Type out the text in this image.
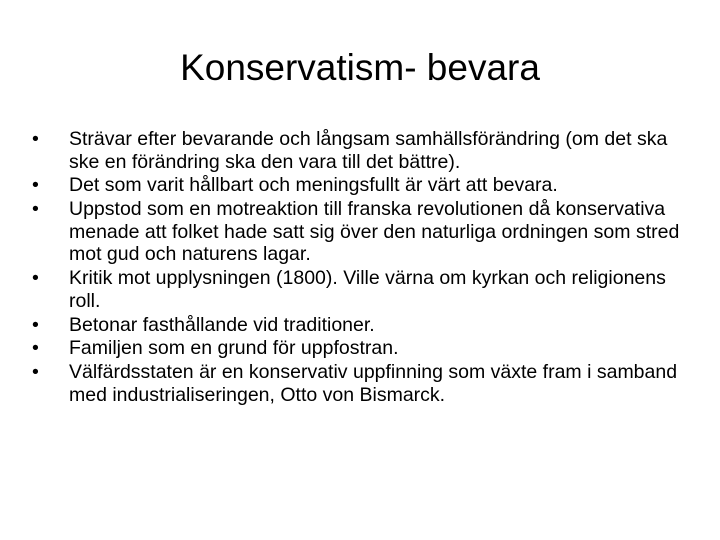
Konservatism- bevara
•	Strävar efter bevarande och långsam samhällsförändring (om det ska ske en förändring ska den vara till det bättre).
•	Det som varit hållbart och meningsfullt är värt att bevara.
•	Uppstod som en motreaktion till franska revolutionen då konservativa menade att folket hade satt sig över den naturliga ordningen som stred mot gud och naturens lagar.
•	Kritik mot upplysningen (1800). Ville värna om kyrkan och religionens roll.
•	Betonar fasthållande vid traditioner.
•	Familjen som en grund för uppfostran.
•	Välfärdsstaten är en konservativ uppfinning som växte fram i samband med industrialiseringen, Otto von Bismarck.
